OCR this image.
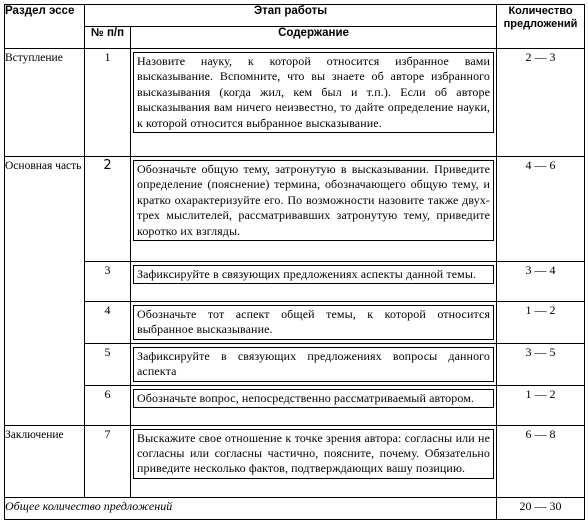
Раздел эссе	Этап работы		Количество предложений
	№ п/п	Содержание	
Вступление	1	Назовите науку, к которой относится избранное вами высказывание. Вспомните, что вы знаете об авторе избранного высказывания (когда жил, кем был и т.п.). Если об авторе высказывания вам ничего неизвестно, то дайте определение науки, к которой относится выбранное высказывание.	2 — 3
Основная часть	2	Обозначьте общую тему, затронутую в высказывании. Приведите определение (пояснение) термина, обозначающего общую тему, и кратко охарактеризуйте его. По возможности назовите также двух-трех мыслителей, рассматривавших затронутую тему, приведите коротко их взгляды.	4 — 6
	3	Зафиксируйте в связующих предложениях аспекты данной темы.	3 — 4
	4	Обозначьте тот аспект общей темы, к которой относится выбранное высказывание.	1 — 2
	5	Зафиксируйте в связующих предложениях вопросы данного аспекта	3 — 5
	6	Обозначьте вопрос, непосредственно рассматриваемый автором.	1 — 2
Заключение	7	Выскажите свое отношение к точке зрения автора: согласны или не согласны или согласны частично, поясните, почему. Обязательно приведите несколько фактов, подтверждающих вашу позицию.	6 — 8
Общее количество предложений			20 — 30
